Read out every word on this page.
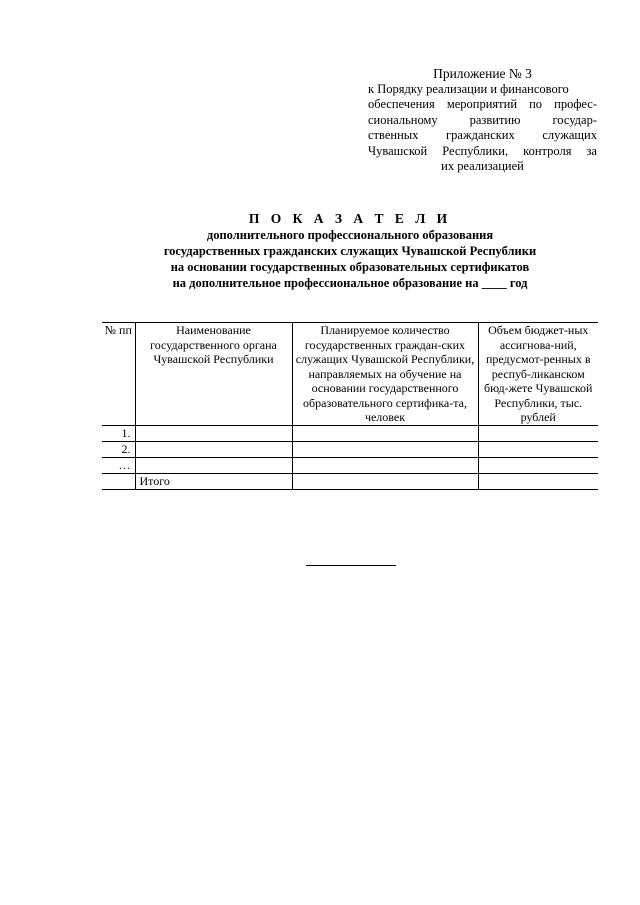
Приложение № 3
к Порядку реализации и финансового
обеспечения мероприятий по профес-
сиональному развитию государ-
ственных гражданских служащих
Чувашской Республики, контроля за
их реализацией
П О К А З А Т Е Л И
дополнительного профессионального образования
государственных гражданских служащих Чувашской Республики
на основании государственных образовательных сертификатов
на дополнительное профессиональное образование на ____ год
№ пп	Наименование государственного органа Чувашской Республики	Планируемое количество государственных граждан-ских служащих Чувашской Республики, направляемых на обучение на основании государственного образовательного сертифика-та, человек	Объем бюджет-ных ассигнова-ний, предусмот-ренных в респуб-ликанском бюд-жете Чувашской Республики, тыс. рублей
1.			
2.			
…			
	Итого		
